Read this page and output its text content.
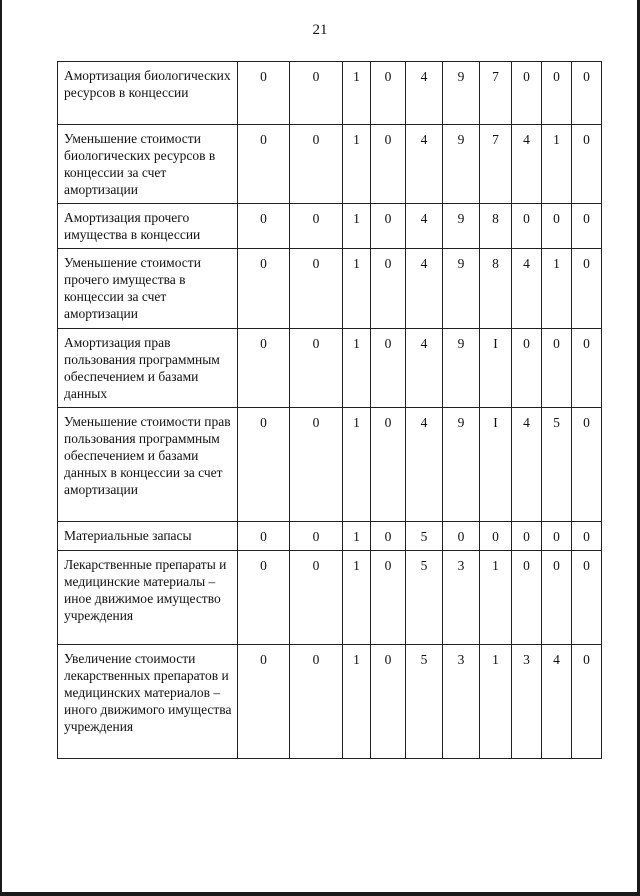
21
Амортизация биологических ресурсов в концессии	0	0	1	0	4	9	7	0	0	0
Уменьшение стоимости биологических ресурсов в концессии за счет амортизации	0	0	1	0	4	9	7	4	1	0
Амортизация прочего имущества в концессии	0	0	1	0	4	9	8	0	0	0
Уменьшение стоимости прочего имущества в концессии за счет амортизации	0	0	1	0	4	9	8	4	1	0
Амортизация прав пользования программным обеспечением и базами данных	0	0	1	0	4	9	I	0	0	0
Уменьшение стоимости прав пользования программным обеспечением и базами данных в концессии за счет амортизации	0	0	1	0	4	9	I	4	5	0
Материальные запасы	0	0	1	0	5	0	0	0	0	0
Лекарственные препараты и медицинские материалы – иное движимое имущество учреждения	0	0	1	0	5	3	1	0	0	0
Увеличение стоимости лекарственных препаратов и медицинских материалов – иного движимого имущества учреждения	0	0	1	0	5	3	1	3	4	0
